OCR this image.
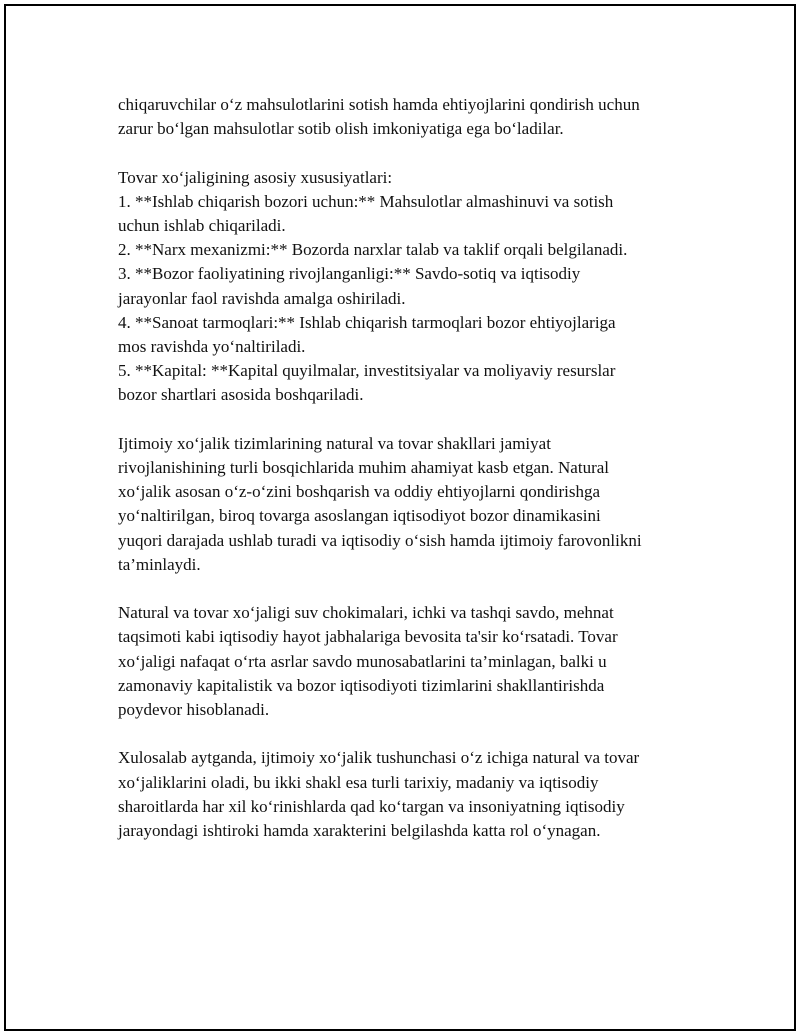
chiqaruvchilar o‘z mahsulotlarini sotish hamda ehtiyojlarini qondirish uchun
zarur bo‘lgan mahsulotlar sotib olish imkoniyatiga ega bo‘ladilar.
Tovar xo‘jaligining asosiy xususiyatlari:
1. **Ishlab chiqarish bozori uchun:** Mahsulotlar almashinuvi va sotish
uchun ishlab chiqariladi.
2. **Narx mexanizmi:** Bozorda narxlar talab va taklif orqali belgilanadi.
3. **Bozor faoliyatining rivojlanganligi:** Savdo-sotiq va iqtisodiy
jarayonlar faol ravishda amalga oshiriladi.
4. **Sanoat tarmoqlari:** Ishlab chiqarish tarmoqlari bozor ehtiyojlariga
mos ravishda yo‘naltiriladi.
5. **Kapital: **Kapital quyilmalar, investitsiyalar va moliyaviy resurslar
bozor shartlari asosida boshqariladi.
Ijtimoiy xo‘jalik tizimlarining natural va tovar shakllari jamiyat
rivojlanishining turli bosqichlarida muhim ahamiyat kasb etgan. Natural
xo‘jalik asosan o‘z-o‘zini boshqarish va oddiy ehtiyojlarni qondirishga
yo‘naltirilgan, biroq tovarga asoslangan iqtisodiyot bozor dinamikasini
yuqori darajada ushlab turadi va iqtisodiy o‘sish hamda ijtimoiy farovonlikni
ta’minlaydi.
Natural va tovar xo‘jaligi suv chokimalari, ichki va tashqi savdo, mehnat
taqsimoti kabi iqtisodiy hayot jabhalariga bevosita ta'sir ko‘rsatadi. Tovar
xo‘jaligi nafaqat o‘rta asrlar savdo munosabatlarini ta’minlagan, balki u
zamonaviy kapitalistik va bozor iqtisodiyoti tizimlarini shakllantirishda
poydevor hisoblanadi.
Xulosalab aytganda, ijtimoiy xo‘jalik tushunchasi o‘z ichiga natural va tovar
xo‘jaliklarini oladi, bu ikki shakl esa turli tarixiy, madaniy va iqtisodiy
sharoitlarda har xil ko‘rinishlarda qad ko‘targan va insoniyatning iqtisodiy
jarayondagi ishtiroki hamda xarakterini belgilashda katta rol o‘ynagan.
